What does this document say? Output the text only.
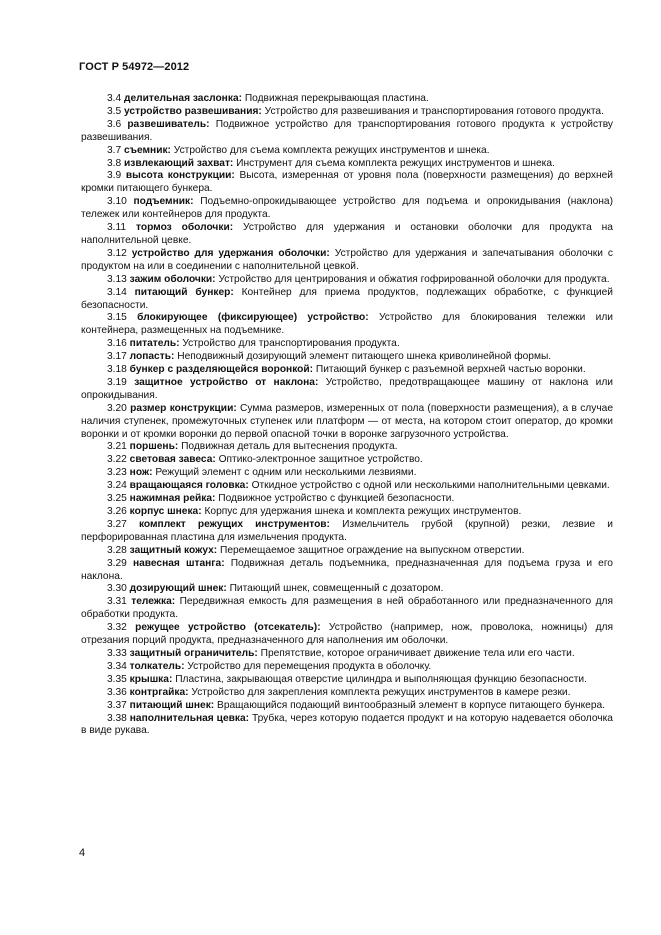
ГОСТ Р 54972—2012

3.4 делительная заслонка: Подвижная перекрывающая пластина.

3.5 устройство развешивания: Устройство для развешивания и транспортирования готового продукта.

3.6 развешиватель: Подвижное устройство для транспортирования готового продукта к устройству развешивания.

3.7 съемник: Устройство для съема комплекта режущих инструментов и шнека.

3.8 извлекающий захват: Инструмент для съема комплекта режущих инструментов и шнека.

3.9 высота конструкции: Высота, измеренная от уровня пола (поверхности размещения) до верхней кромки питающего бункера.

3.10 подъемник: Подъемно-опрокидывающее устройство для подъема и опрокидывания (наклона) тележек или контейнеров для продукта.

3.11 тормоз оболочки: Устройство для удержания и остановки оболочки для продукта на наполнительной цевке.

3.12 устройство для удержания оболочки: Устройство для удержания и запечатывания оболочки с продуктом на или в соединении с наполнительной цевкой.

3.13 зажим оболочки: Устройство для центрирования и обжатия гофрированной оболочки для продукта.

3.14 питающий бункер: Контейнер для приема продуктов, подлежащих обработке, с функцией безопасности.

3.15 блокирующее (фиксирующее) устройство: Устройство для блокирования тележки или контейнера, размещенных на подъемнике.

3.16 питатель: Устройство для транспортирования продукта.

3.17 лопасть: Неподвижный дозирующий элемент питающего шнека криволинейной формы.

3.18 бункер с разделяющейся воронкой: Питающий бункер с разъемной верхней частью воронки.

3.19 защитное устройство от наклона: Устройство, предотвращающее машину от наклона или опрокидывания.

3.20 размер конструкции: Сумма размеров, измеренных от пола (поверхности размещения), а в случае наличия ступенек, промежуточных ступенек или платформ — от места, на котором стоит оператор, до кромки воронки и от кромки воронки до первой опасной точки в воронке загрузочного устройства.

3.21 поршень: Подвижная деталь для вытеснения продукта.

3.22 световая завеса: Оптико-электронное защитное устройство.

3.23 нож: Режущий элемент с одним или несколькими лезвиями.

3.24 вращающаяся головка: Откидное устройство с одной или несколькими наполнительными цевками.

3.25 нажимная рейка: Подвижное устройство с функцией безопасности.

3.26 корпус шнека: Корпус для удержания шнека и комплекта режущих инструментов.

3.27 комплект режущих инструментов: Измельчитель грубой (крупной) резки, лезвие и перфорированная пластина для измельчения продукта.

3.28 защитный кожух: Перемещаемое защитное ограждение на выпускном отверстии.

3.29 навесная штанга: Подвижная деталь подъемника, предназначенная для подъема груза и его наклона.

3.30 дозирующий шнек: Питающий шнек, совмещенный с дозатором.

3.31 тележка: Передвижная емкость для размещения в ней обработанного или предназначенного для обработки продукта.

3.32 режущее устройство (отсекатель): Устройство (например, нож, проволока, ножницы) для отрезания порций продукта, предназначенного для наполнения им оболочки.

3.33 защитный ограничитель: Препятствие, которое ограничивает движение тела или его части.

3.34 толкатель: Устройство для перемещения продукта в оболочку.

3.35 крышка: Пластина, закрывающая отверстие цилиндра и выполняющая функцию безопасности.

3.36 контргайка: Устройство для закрепления комплекта режущих инструментов в камере резки.

3.37 питающий шнек: Вращающийся подающий винтообразный элемент в корпусе питающего бункера.

3.38 наполнительная цевка: Трубка, через которую подается продукт и на которую надевается оболочка в виде рукава.

4
